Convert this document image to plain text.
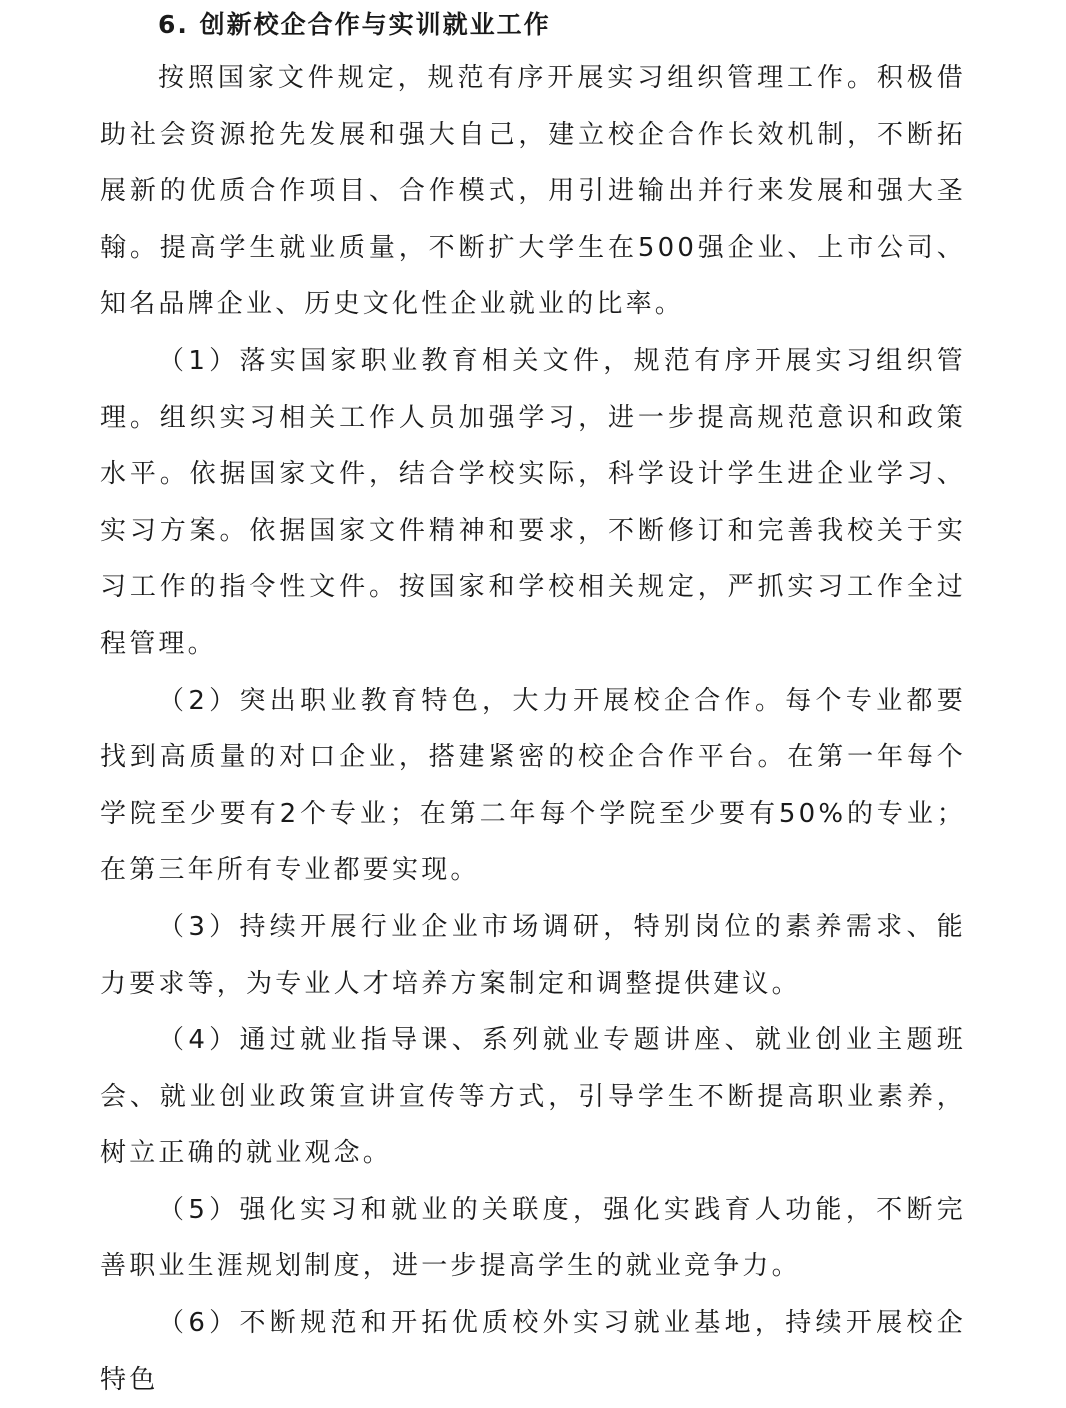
6. 创新校企合作与实训就业工作

按照国家文件规定，规范有序开展实习组织管理工作。积极借助社会资源抢先发展和强大自己，建立校企合作长效机制，不断拓展新的优质合作项目、合作模式，用引进输出并行来发展和强大圣翰。提高学生就业质量，不断扩大学生在500强企业、上市公司、知名品牌企业、历史文化性企业就业的比率。

（1）落实国家职业教育相关文件，规范有序开展实习组织管理。组织实习相关工作人员加强学习，进一步提高规范意识和政策水平。依据国家文件，结合学校实际，科学设计学生进企业学习、实习方案。依据国家文件精神和要求，不断修订和完善我校关于实习工作的指令性文件。按国家和学校相关规定，严抓实习工作全过程管理。

（2）突出职业教育特色，大力开展校企合作。每个专业都要找到高质量的对口企业，搭建紧密的校企合作平台。在第一年每个学院至少要有2个专业；在第二年每个学院至少要有50%的专业；在第三年所有专业都要实现。

（3）持续开展行业企业市场调研，特别岗位的素养需求、能力要求等，为专业人才培养方案制定和调整提供建议。

（4）通过就业指导课、系列就业专题讲座、就业创业主题班会、就业创业政策宣讲宣传等方式，引导学生不断提高职业素养，树立正确的就业观念。

（5）强化实习和就业的关联度，强化实践育人功能，不断完善职业生涯规划制度，进一步提高学生的就业竞争力。

（6）不断规范和开拓优质校外实习就业基地，持续开展校企特色
